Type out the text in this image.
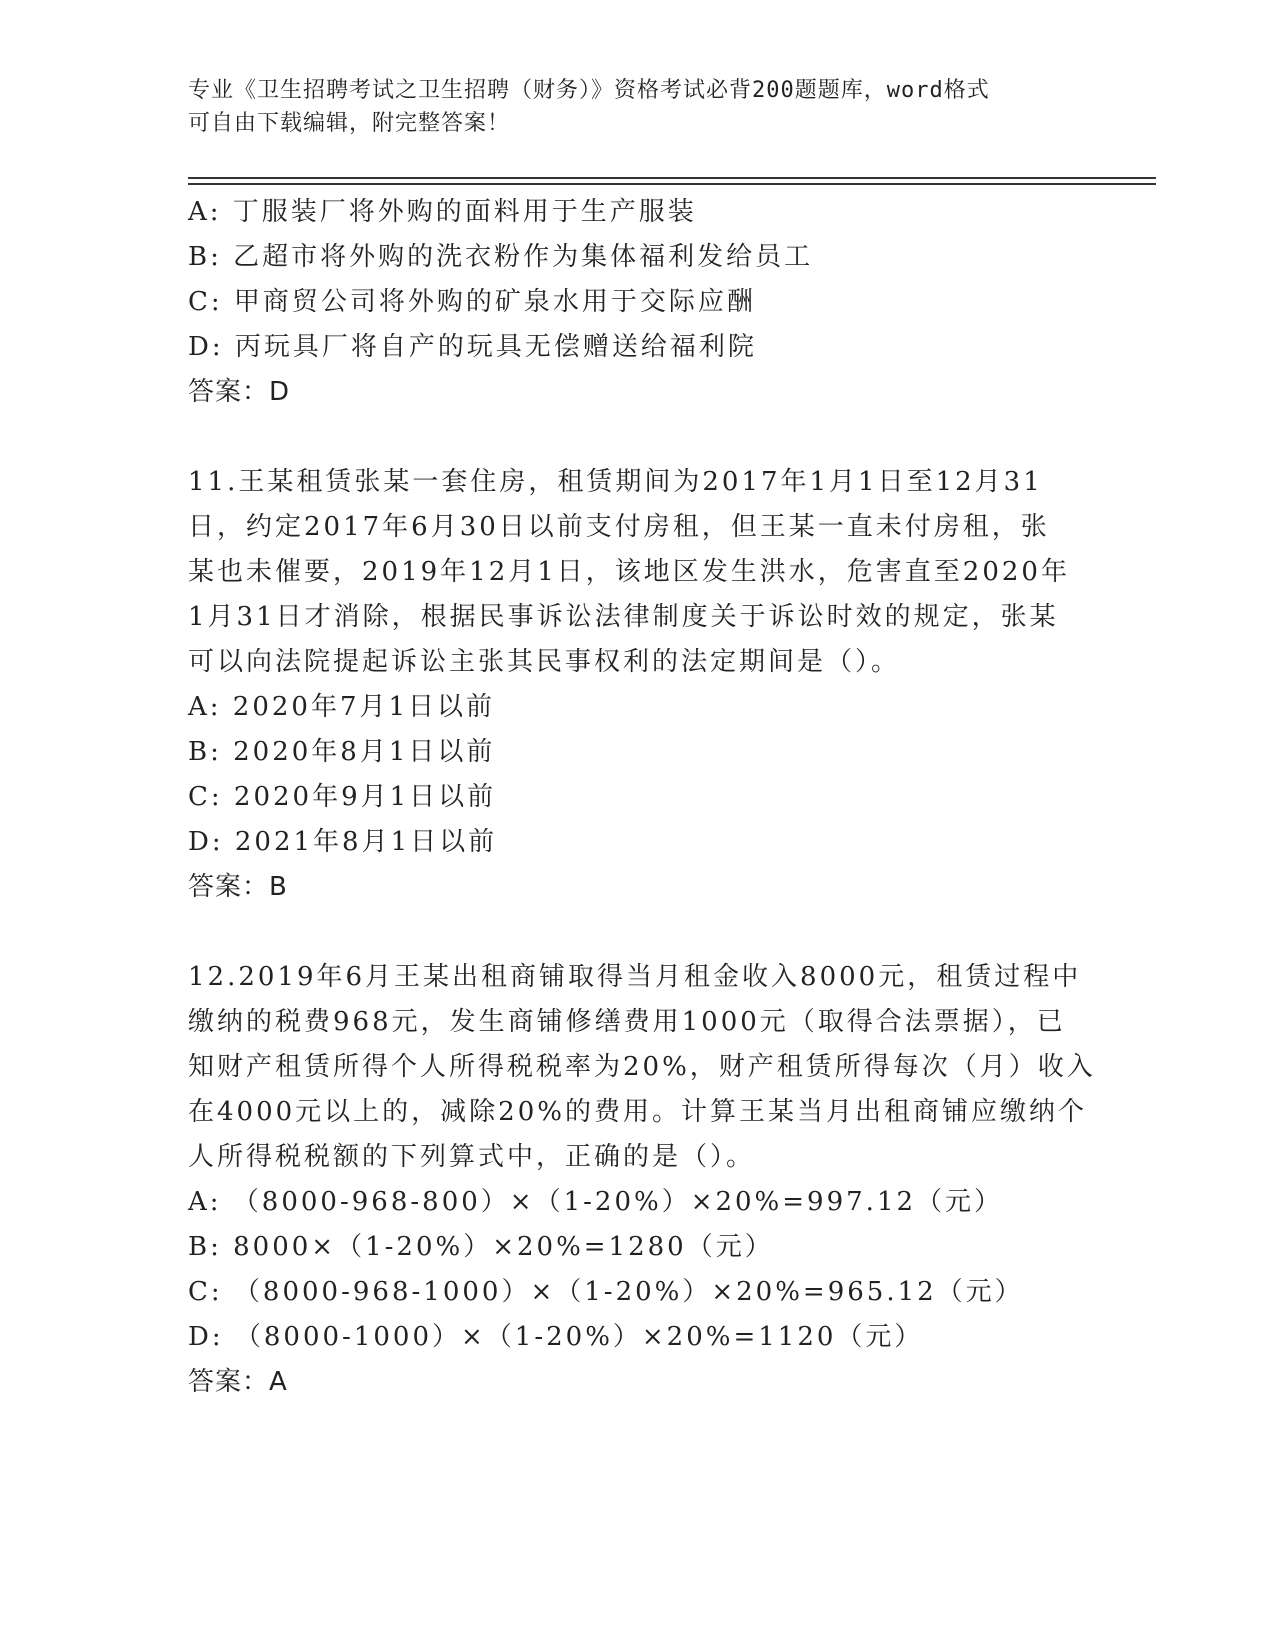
专业《卫生招聘考试之卫生招聘（财务）》资格考试必背200题题库，word格式
可自由下载编辑，附完整答案！
A: 丁服装厂将外购的面料用于生产服装
B: 乙超市将外购的洗衣粉作为集体福利发给员工
C: 甲商贸公司将外购的矿泉水用于交际应酬
D: 丙玩具厂将自产的玩具无偿赠送给福利院
答案：D
11.王某租赁张某一套住房，租赁期间为2017年1月1日至12月31
日，约定2017年6月30日以前支付房租，但王某一直未付房租，张
某也未催要，2019年12月1日，该地区发生洪水，危害直至2020年
1月31日才消除，根据民事诉讼法律制度关于诉讼时效的规定，张某
可以向法院提起诉讼主张其民事权利的法定期间是（）。
A: 2020年7月1日以前
B: 2020年8月1日以前
C: 2020年9月1日以前
D: 2021年8月1日以前
答案：B
12.2019年6月王某出租商铺取得当月租金收入8000元，租赁过程中
缴纳的税费968元，发生商铺修缮费用1000元（取得合法票据），已
知财产租赁所得个人所得税税率为20%，财产租赁所得每次（月）收入
在4000元以上的，减除20%的费用。计算王某当月出租商铺应缴纳个
人所得税税额的下列算式中，正确的是（）。
A: （8000-968-800）×（1-20%）×20%=997.12（元）
B: 8000×（1-20%）×20%=1280（元）
C: （8000-968-1000）×（1-20%）×20%=965.12（元）
D: （8000-1000）×（1-20%）×20%=1120（元）
答案：A
